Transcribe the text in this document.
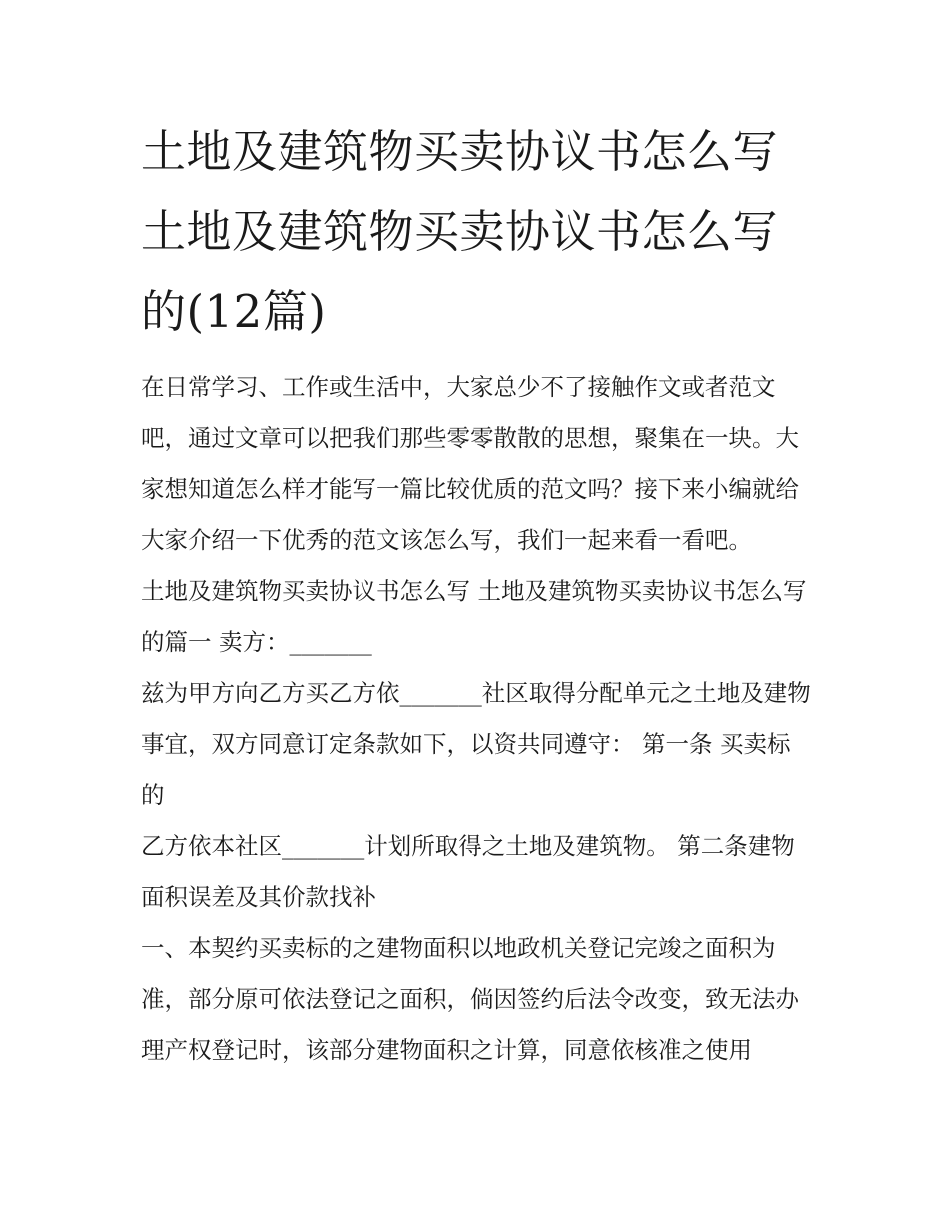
土地及建筑物买卖协议书怎么写 土地及建筑物买卖协议书怎么写的(12篇)

在日常学习、工作或生活中，大家总少不了接触作文或者范文吧，通过文章可以把我们那些零零散散的思想，聚集在一块。大家想知道怎么样才能写一篇比较优质的范文吗？接下来小编就给大家介绍一下优秀的范文该怎么写，我们一起来看一看吧。

土地及建筑物买卖协议书怎么写 土地及建筑物买卖协议书怎么写的篇一 卖方：_______

兹为甲方向乙方买乙方依_______社区取得分配单元之土地及建物事宜，双方同意订定条款如下，以资共同遵守： 第一条 买卖标的

乙方依本社区_______计划所取得之土地及建筑物。 第二条建物面积误差及其价款找补

一、本契约买卖标的之建物面积以地政机关登记完竣之面积为准，部分原可依法登记之面积，倘因签约后法令改变，致无法办理产权登记时，该部分建物面积之计算，同意依核准之使用
